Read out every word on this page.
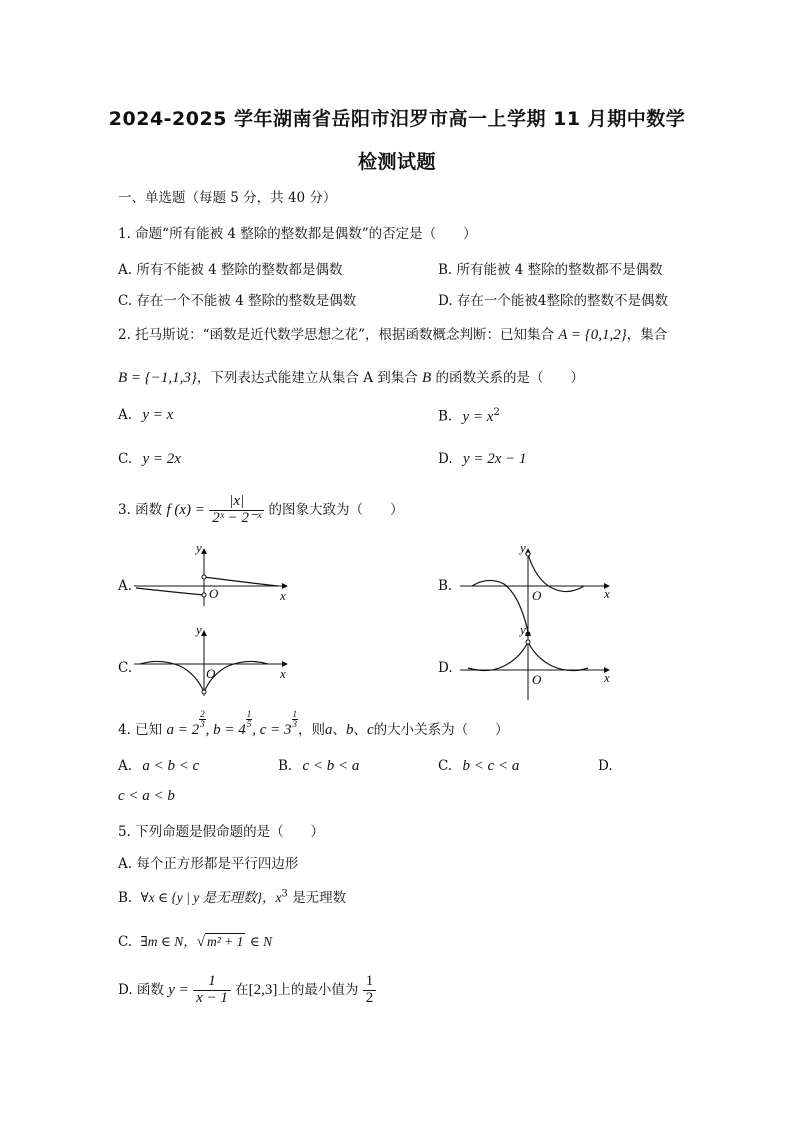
2024-2025 学年湖南省岳阳市汨罗市高一上学期 11 月期中数学
检测试题
一、单选题（每题 5 分，共 40 分）
1. 命题“所有能被 4 整除的整数都是偶数”的否定是（　　）
A. 所有不能被 4 整除的整数都是偶数	B. 所有能被 4 整除的整数都不是偶数
C. 存在一个不能被 4 整除的整数是偶数	D. 存在一个能被4整除的整数不是偶数
2. 托马斯说：“函数是近代数学思想之花”，根据函数概念判断：已知集合 A = {0,1,2}，集合
B = {−1,1,3}，下列表达式能建立从集合 A 到集合 B 的函数关系的是（　　）
A. y = x	B. $y = x^2$
C. y = 2x	D. y = 2x − 1
3. 函数 f $(x) = \frac{|x|}{\text{2ˣ − 2⁻ˣ}}$ 的图象大致为（　　）
A.
y
x
O	B.
y
x
O
C.
y
x
O	D.
y
x
O
4. 已知 a = 2
$\frac{2}{3}$
, b = 4
$\frac{1}{5}$
, c = 3
$\frac{1}{3}$
，则a、b、c的大小关系为（　　）
A. a < b < c	B. c < b < a	C. b < c < a	D.
c < a < b
5. 下列命题是假命题的是（　　）
A. 每个正方形都是平行四边形
B. ∀x ∈ {y | y 是无理数}，$x^3$ 是无理数
C. ∃m ∈ N，√ m² + 1 ∈ N
D. 函数 $y = \frac{1}{x - 1}$ 在[2,3]上的最小值为 $\frac{1}{2}$
